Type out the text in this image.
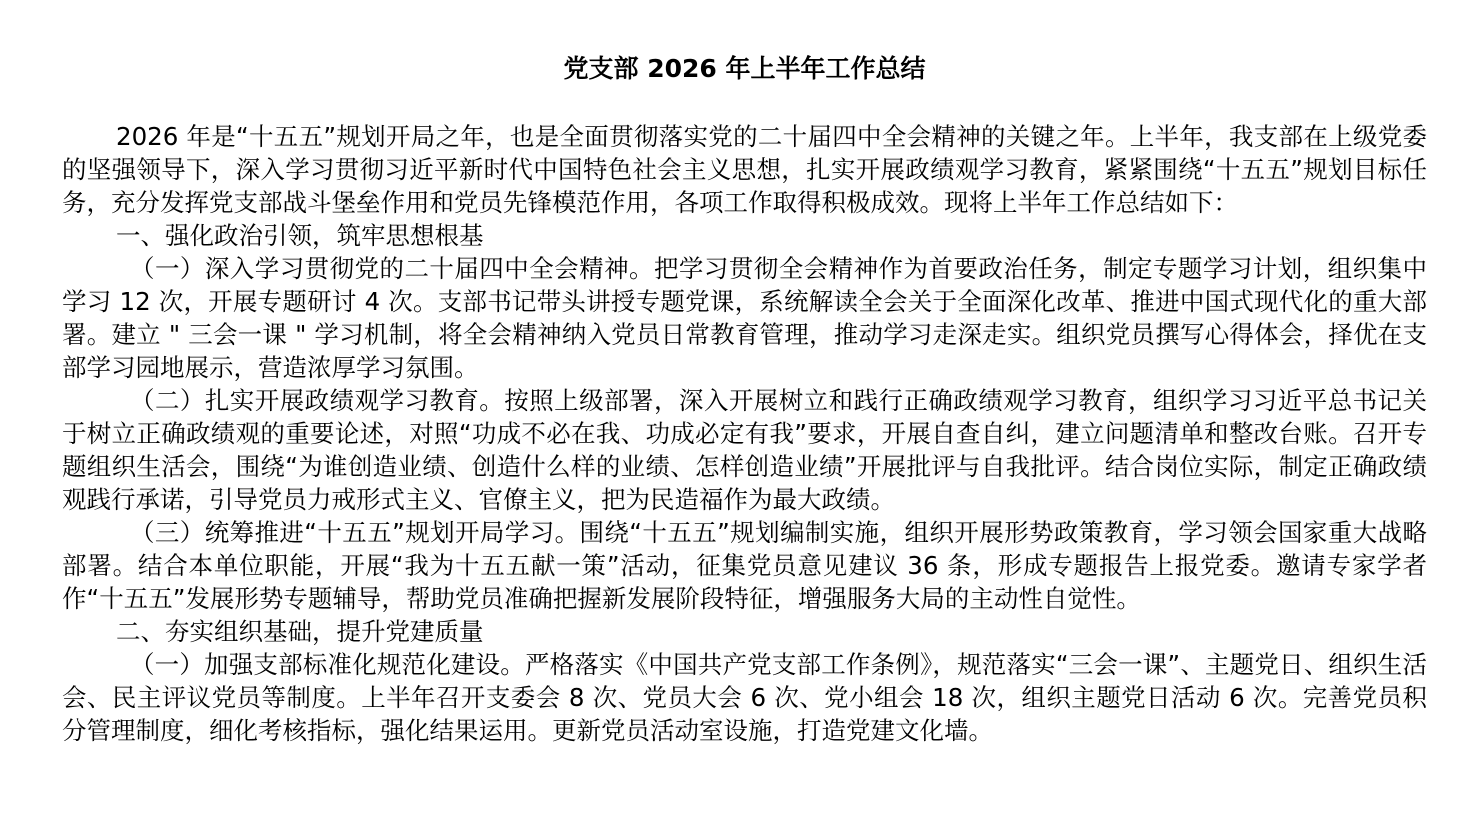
党支部 2026 年上半年工作总结

2026 年是“十五五”规划开局之年，也是全面贯彻落实党的二十届四中全会精神的关键之年。上半年，我支部在上级党委的坚强领导下，深入学习贯彻习近平新时代中国特色社会主义思想，扎实开展政绩观学习教育，紧紧围绕“十五五”规划目标任务，充分发挥党支部战斗堡垒作用和党员先锋模范作用，各项工作取得积极成效。现将上半年工作总结如下：

一、强化政治引领，筑牢思想根基

（一）深入学习贯彻党的二十届四中全会精神。把学习贯彻全会精神作为首要政治任务，制定专题学习计划，组织集中学习 12 次，开展专题研讨 4 次。支部书记带头讲授专题党课，系统解读全会关于全面深化改革、推进中国式现代化的重大部署。建立 " 三会一课 " 学习机制，将全会精神纳入党员日常教育管理，推动学习走深走实。组织党员撰写心得体会，择优在支部学习园地展示，营造浓厚学习氛围。

（二）扎实开展政绩观学习教育。按照上级部署，深入开展树立和践行正确政绩观学习教育，组织学习习近平总书记关于树立正确政绩观的重要论述，对照“功成不必在我、功成必定有我”要求，开展自查自纠，建立问题清单和整改台账。召开专题组织生活会，围绕“为谁创造业绩、创造什么样的业绩、怎样创造业绩”开展批评与自我批评。结合岗位实际，制定正确政绩观践行承诺，引导党员力戒形式主义、官僚主义，把为民造福作为最大政绩。

（三）统筹推进“十五五”规划开局学习。围绕“十五五”规划编制实施，组织开展形势政策教育，学习领会国家重大战略部署。结合本单位职能，开展“我为十五五献一策”活动，征集党员意见建议 36 条，形成专题报告上报党委。邀请专家学者作“十五五”发展形势专题辅导，帮助党员准确把握新发展阶段特征，增强服务大局的主动性自觉性。

二、夯实组织基础，提升党建质量

（一）加强支部标准化规范化建设。严格落实《中国共产党支部工作条例》，规范落实“三会一课”、主题党日、组织生活会、民主评议党员等制度。上半年召开支委会 8 次、党员大会 6 次、党小组会 18 次，组织主题党日活动 6 次。完善党员积分管理制度，细化考核指标，强化结果运用。更新党员活动室设施，打造党建文化墙。
